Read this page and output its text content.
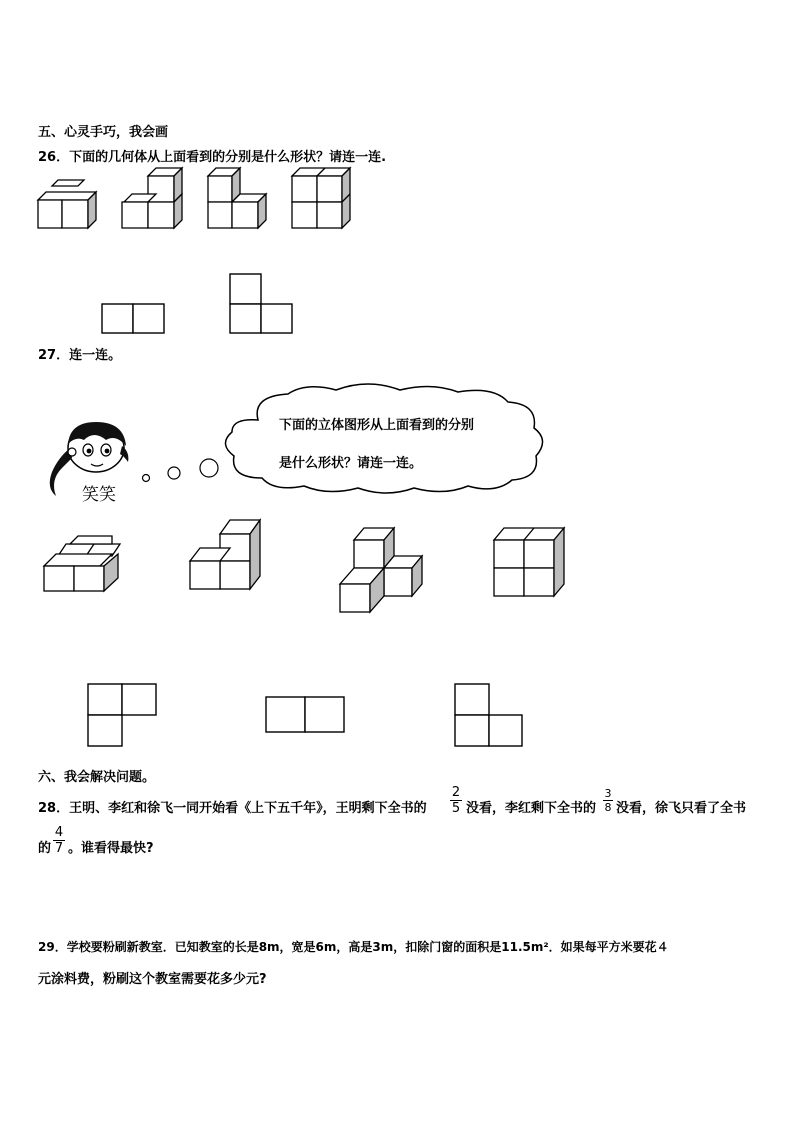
五、心灵手巧，我会画
26．下面的几何体从上面看到的分别是什么形状？请连一连.
27．连一连。
笑笑
下面的立体图形从上面看到的分别
是什么形状？请连一连。
六、我会解决问题。
28．王明、李红和徐飞一同开始看《上下五千年》，王明剩下全书的
2
5 没看，李红剩下全书的
3
8 没看，徐飞只看了全书
的
4
7 。谁看得最快?
29．学校要粉刷新教室．已知教室的长是8m，宽是6m，高是3m，扣除门窗的面积是11.5m²．如果每平方米要花４
元涂料费，粉刷这个教室需要花多少元?
